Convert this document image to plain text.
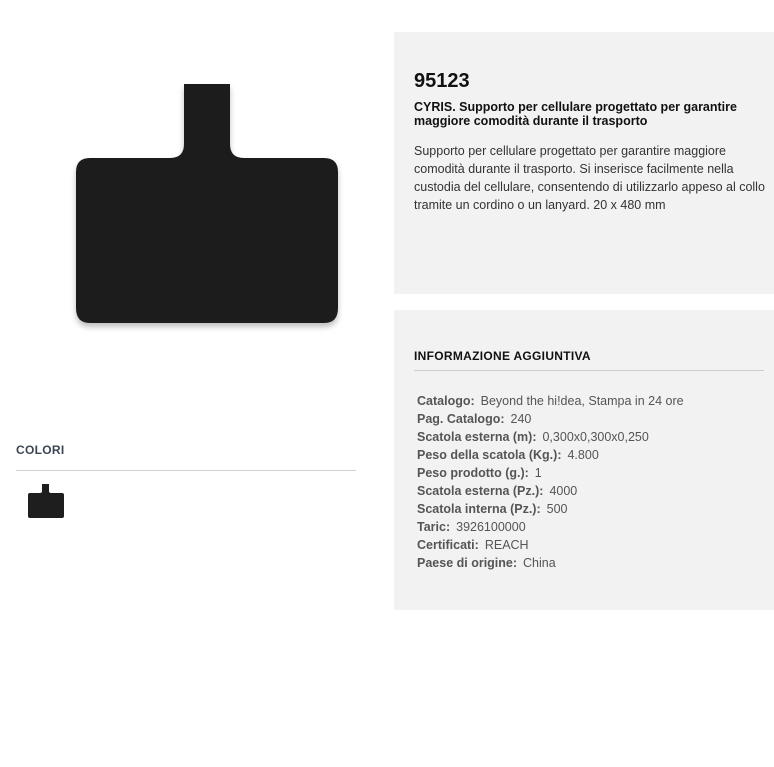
COLORI
95123
CYRIS. Supporto per cellulare progettato per garantire maggiore comodità durante il trasporto
Supporto per cellulare progettato per garantire maggiore comodità durante il trasporto. Si inserisce facilmente nella custodia del cellulare, consentendo di utilizzarlo appeso al collo tramite un cordino o un lanyard. 20 x 480 mm
INFORMAZIONE AGGIUNTIVA
Catalogo: Beyond the hi!dea, Stampa in 24 ore
Pag. Catalogo: 240
Scatola esterna (m): 0,300x0,300x0,250
Peso della scatola (Kg.): 4.800
Peso prodotto (g.): 1
Scatola esterna (Pz.): 4000
Scatola interna (Pz.): 500
Taric: 3926100000
Certificati: REACH
Paese di origine: China
